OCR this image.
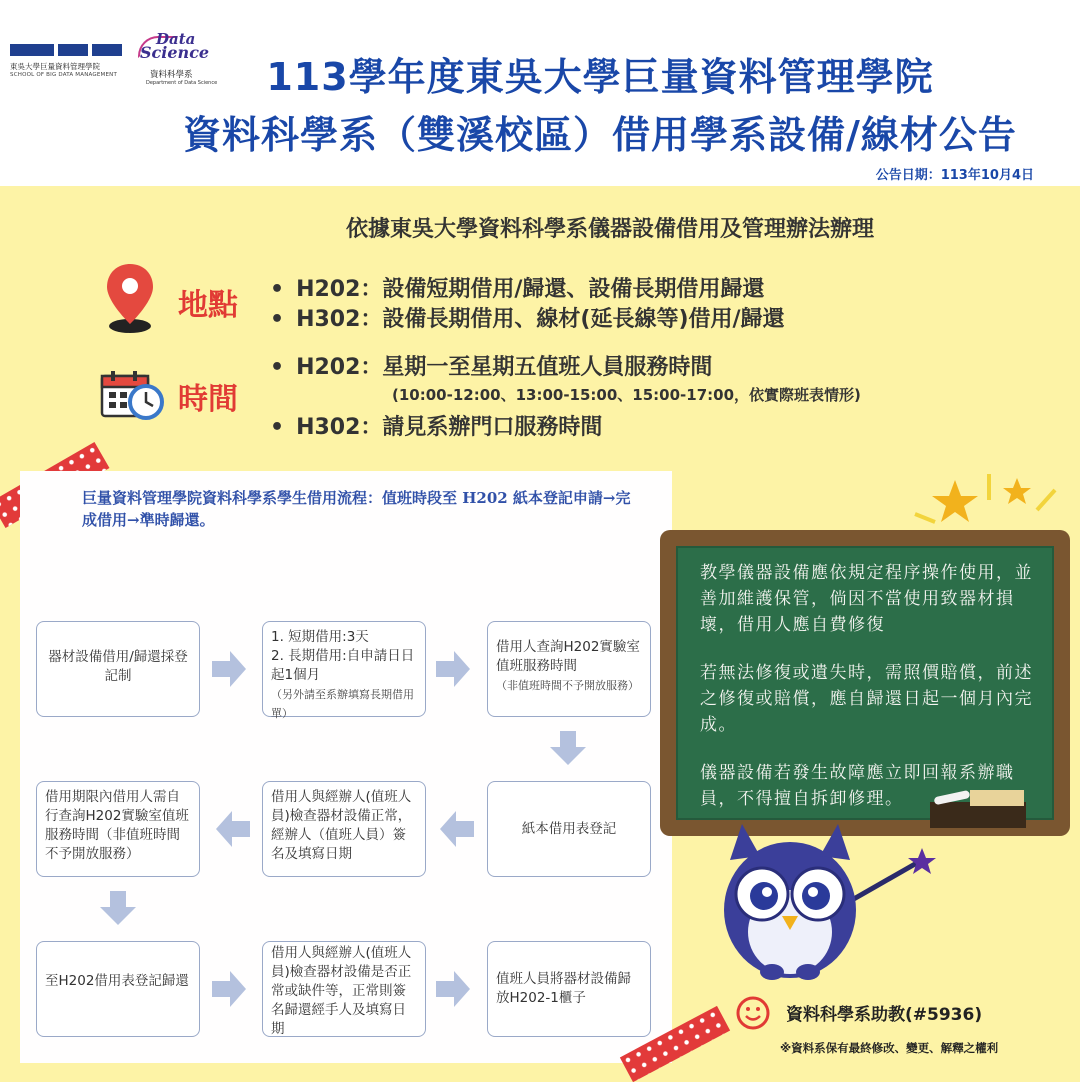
東吳大學巨量資料管理學院
SCHOOL OF BIG DATA MANAGEMENT
Data
Science
資料科學系
Department of Data Science	113學年度東吳大學巨量資料管理學院
資料科學系（雙溪校區）借用學系設備/線材公告
公告日期：113年10月4日
依據東吳大學資料科學系儀器設備借用及管理辦法辦理
地點
•	H202：設備短期借用/歸還、設備長期借用歸還
• H302：設備長期借用、線材(延長線等)借用/歸還
時間
• H202：星期一至星期五值班人員服務時間
(10:00-12:00、13:00-15:00、15:00-17:00，依實際班表情形)
• H302：請見系辦門口服務時間
巨量資料管理學院資料科學系學生借用流程：值班時段至 H202 紙本登記申請→完成借用→準時歸還。
器材設備借用/歸還採登記制
1. 短期借用:3天
2. 長期借用:自申請日日起1個月
（另外請至系辦填寫長期借用單）
借用人查詢H202實驗室值班服務時間
（非值班時間不予開放服務）
紙本借用表登記
借用人與經辦人(值班人員)檢查器材設備正常，經辦人（值班人員）簽名及填寫日期
借用期限內借用人需自行查詢H202實驗室值班服務時間（非值班時間不予開放服務）
至H202借用表登記歸還
借用人與經辦人(值班人員)檢查器材設備是否正常或缺件等，正常則簽名歸還經手人及填寫日期
值班人員將器材設備歸放H202-1櫃子

教學儀器設備應依規定程序操作使用，並善加維護保管，倘因不當使用致器材損壞，借用人應自費修復

若無法修復或遺失時，需照價賠償，前述之修復或賠償，應自歸還日起一個月內完成。

儀器設備若發生故障應立即回報系辦職員，不得擅自拆卸修理。

資料科學系助教(#5936)
※資料系保有最終修改、變更、解釋之權利
